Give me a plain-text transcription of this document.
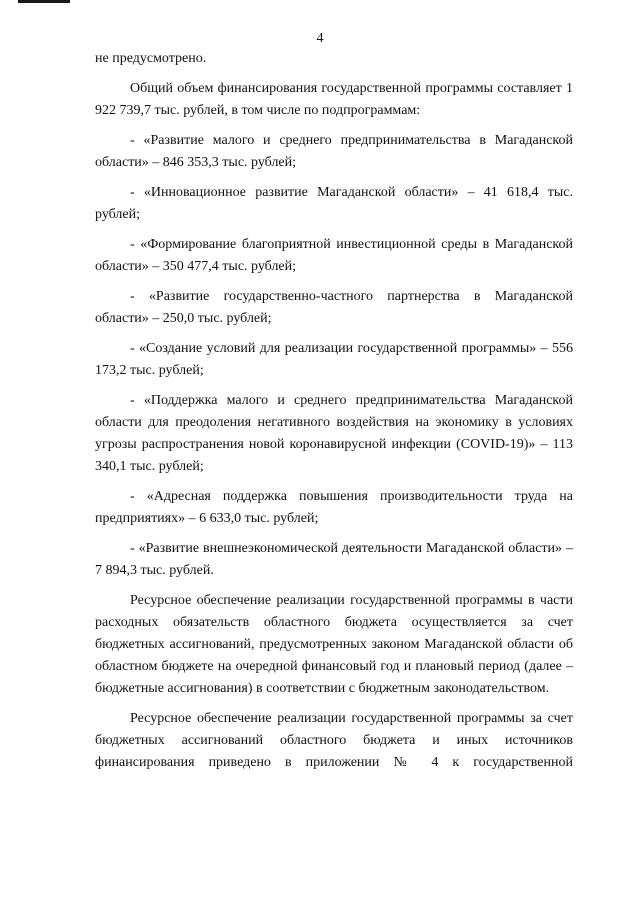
4

не предусмотрено.

Общий объем финансирования государственной программы составляет 1 922 739,7 тыс. рублей, в том числе по подпрограммам:

- «Развитие малого и среднего предпринимательства в Магаданской области» – 846 353,3 тыс. рублей;

- «Инновационное развитие Магаданской области» – 41 618,4 тыс. рублей;

- «Формирование благоприятной инвестиционной среды в Магаданской области» – 350 477,4 тыс. рублей;

- «Развитие государственно-частного партнерства в Магаданской области» – 250,0 тыс. рублей;

- «Создание условий для реализации государственной программы» – 556 173,2 тыс. рублей;

- «Поддержка малого и среднего предпринимательства Магаданской области для преодоления негативного воздействия на экономику в условиях угрозы распространения новой коронавирусной инфекции (COVID-19)» – 113 340,1 тыс. рублей;

- «Адресная поддержка повышения производительности труда на предприятиях» – 6 633,0 тыс. рублей;

- «Развитие внешнеэкономической деятельности Магаданской области» – 7 894,3 тыс. рублей.

Ресурсное обеспечение реализации государственной программы в части расходных обязательств областного бюджета осуществляется за счет бюджетных ассигнований, предусмотренных законом Магаданской области об областном бюджете на очередной финансовый год и плановый период (далее – бюджетные ассигнования) в соответствии с бюджетным законодательством.

Ресурсное обеспечение реализации государственной программы за счет бюджетных ассигнований областного бюджета и иных источников финансирования приведено в приложении № 4 к государственной
